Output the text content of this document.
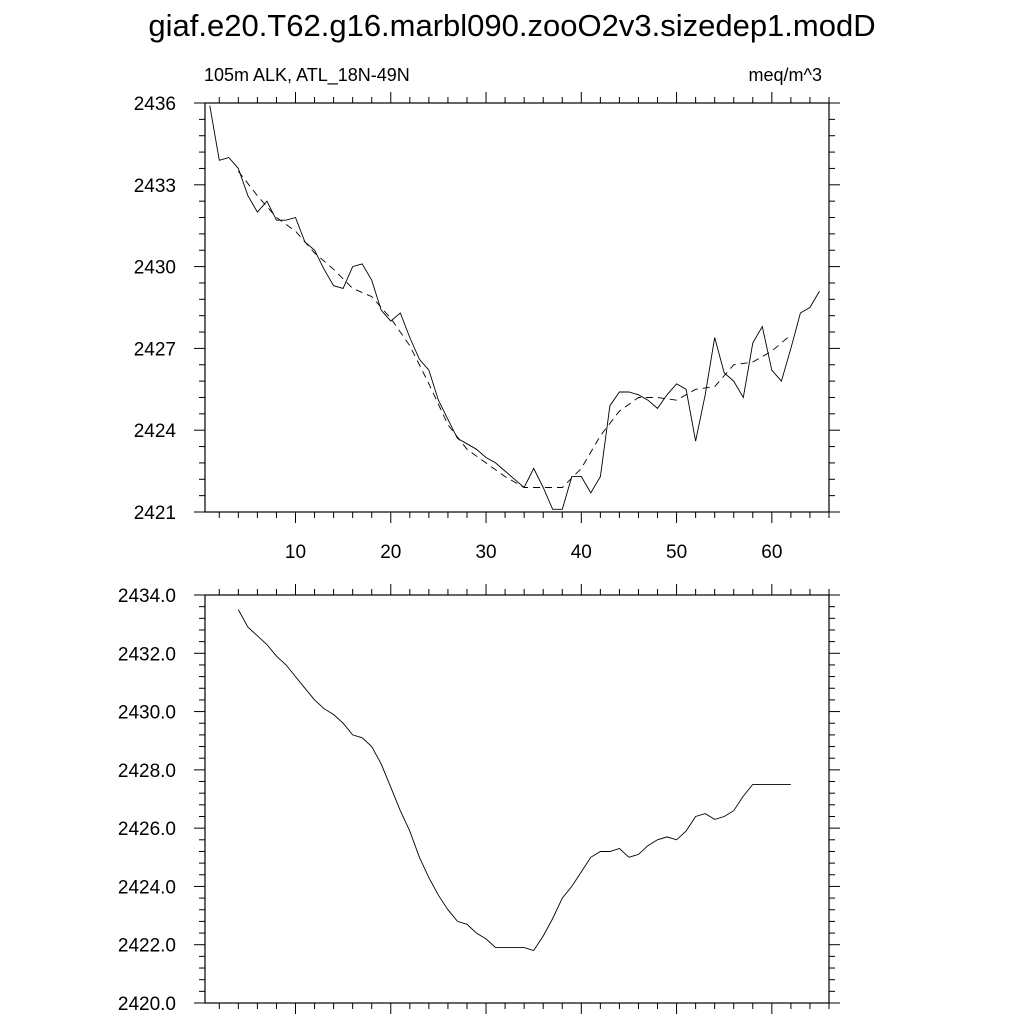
giaf.e20.T62.g16.marbl090.zooO2v3.sizedep1.modD
105m ALK, ATL_18N-49N	meq/m^3
10	20	30	40	50	60
2421
2424
2427
2430
2433
2436
2420.0
2422.0
2424.0
2426.0
2428.0
2430.0
2432.0
2434.0
